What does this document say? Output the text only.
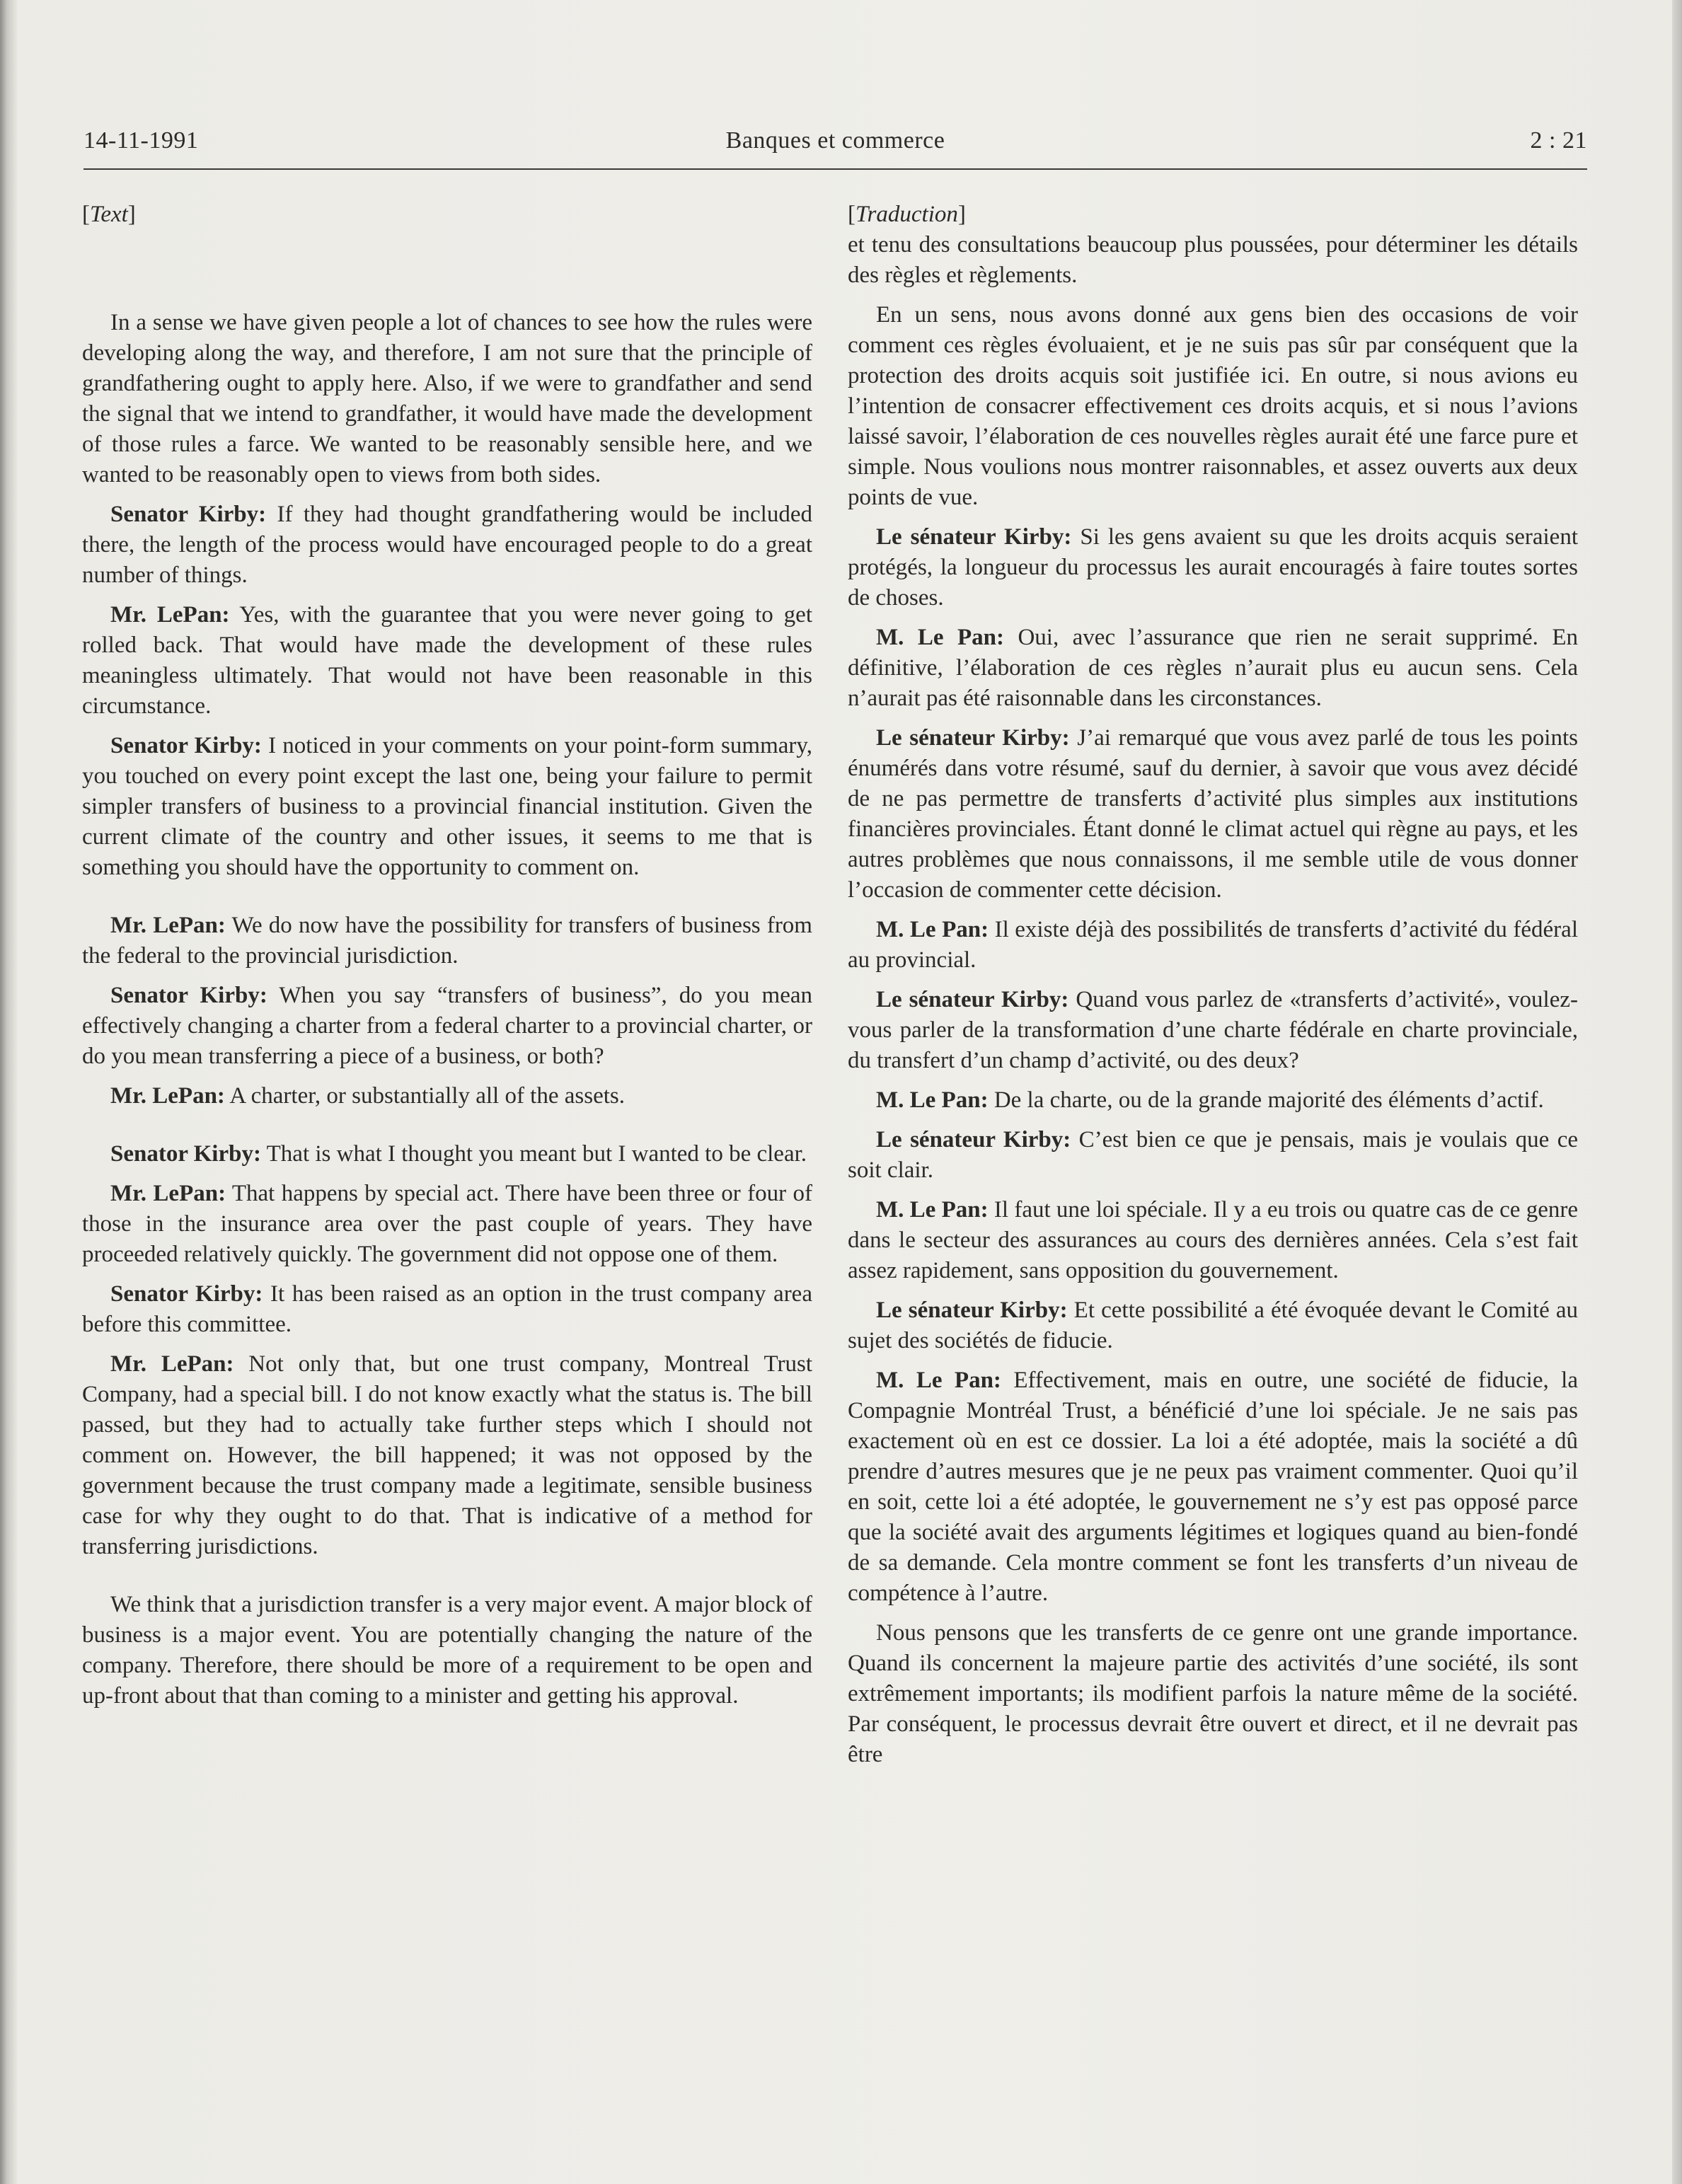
14-11-1991	Banques et commerce	2 : 21
[Text]

In a sense we have given people a lot of chances to see how the rules were developing along the way, and therefore, I am not sure that the principle of grandfathering ought to apply here. Also, if we were to grandfather and send the signal that we intend to grandfather, it would have made the development of those rules a farce. We wanted to be reasonably sensible here, and we wanted to be reasonably open to views from both sides.

Senator Kirby: If they had thought grandfathering would be included there, the length of the process would have encouraged people to do a great number of things.

Mr. LePan: Yes, with the guarantee that you were never going to get rolled back. That would have made the development of these rules meaningless ultimately. That would not have been reasonable in this circumstance.

Senator Kirby: I noticed in your comments on your point-form summary, you touched on every point except the last one, being your failure to permit simpler transfers of business to a provincial financial institution. Given the current climate of the country and other issues, it seems to me that is something you should have the opportunity to comment on.

Mr. LePan: We do now have the possibility for transfers of business from the federal to the provincial jurisdiction.

Senator Kirby: When you say “transfers of business”, do you mean effectively changing a charter from a federal charter to a provincial charter, or do you mean transferring a piece of a business, or both?

Mr. LePan: A charter, or substantially all of the assets.

Senator Kirby: That is what I thought you meant but I wanted to be clear.

Mr. LePan: That happens by special act. There have been three or four of those in the insurance area over the past couple of years. They have proceeded relatively quickly. The government did not oppose one of them.

Senator Kirby: It has been raised as an option in the trust company area before this committee.

Mr. LePan: Not only that, but one trust company, Montreal Trust Company, had a special bill. I do not know exactly what the status is. The bill passed, but they had to actually take further steps which I should not comment on. However, the bill happened; it was not opposed by the government because the trust company made a legitimate, sensible business case for why they ought to do that. That is indicative of a method for transferring jurisdictions.

We think that a jurisdiction transfer is a very major event. A major block of business is a major event. You are potentially changing the nature of the company. Therefore, there should be more of a requirement to be open and up-front about that than coming to a minister and getting his approval.

[Traduction]

et tenu des consultations beaucoup plus poussées, pour déterminer les détails des règles et règlements.

En un sens, nous avons donné aux gens bien des occasions de voir comment ces règles évoluaient, et je ne suis pas sûr par conséquent que la protection des droits acquis soit justifiée ici. En outre, si nous avions eu l’intention de consacrer effectivement ces droits acquis, et si nous l’avions laissé savoir, l’élaboration de ces nouvelles règles aurait été une farce pure et simple. Nous voulions nous montrer raisonnables, et assez ouverts aux deux points de vue.

Le sénateur Kirby: Si les gens avaient su que les droits acquis seraient protégés, la longueur du processus les aurait encouragés à faire toutes sortes de choses.

M. Le Pan: Oui, avec l’assurance que rien ne serait supprimé. En définitive, l’élaboration de ces règles n’aurait plus eu aucun sens. Cela n’aurait pas été raisonnable dans les circonstances.

Le sénateur Kirby: J’ai remarqué que vous avez parlé de tous les points énumérés dans votre résumé, sauf du dernier, à savoir que vous avez décidé de ne pas permettre de transferts d’activité plus simples aux institutions financières provinciales. Étant donné le climat actuel qui règne au pays, et les autres problèmes que nous connaissons, il me semble utile de vous donner l’occasion de commenter cette décision.

M. Le Pan: Il existe déjà des possibilités de transferts d’activité du fédéral au provincial.

Le sénateur Kirby: Quand vous parlez de «transferts d’activité», voulez-vous parler de la transformation d’une charte fédérale en charte provinciale, du transfert d’un champ d’activité, ou des deux?

M. Le Pan: De la charte, ou de la grande majorité des éléments d’actif.

Le sénateur Kirby: C’est bien ce que je pensais, mais je voulais que ce soit clair.

M. Le Pan: Il faut une loi spéciale. Il y a eu trois ou quatre cas de ce genre dans le secteur des assurances au cours des dernières années. Cela s’est fait assez rapidement, sans opposition du gouvernement.

Le sénateur Kirby: Et cette possibilité a été évoquée devant le Comité au sujet des sociétés de fiducie.

M. Le Pan: Effectivement, mais en outre, une société de fiducie, la Compagnie Montréal Trust, a bénéficié d’une loi spéciale. Je ne sais pas exactement où en est ce dossier. La loi a été adoptée, mais la société a dû prendre d’autres mesures que je ne peux pas vraiment commenter. Quoi qu’il en soit, cette loi a été adoptée, le gouvernement ne s’y est pas opposé parce que la société avait des arguments légitimes et logiques quand au bien-fondé de sa demande. Cela montre comment se font les transferts d’un niveau de compétence à l’autre.

Nous pensons que les transferts de ce genre ont une grande importance. Quand ils concernent la majeure partie des activités d’une société, ils sont extrêmement importants; ils modifient parfois la nature même de la société. Par conséquent, le processus devrait être ouvert et direct, et il ne devrait pas être
